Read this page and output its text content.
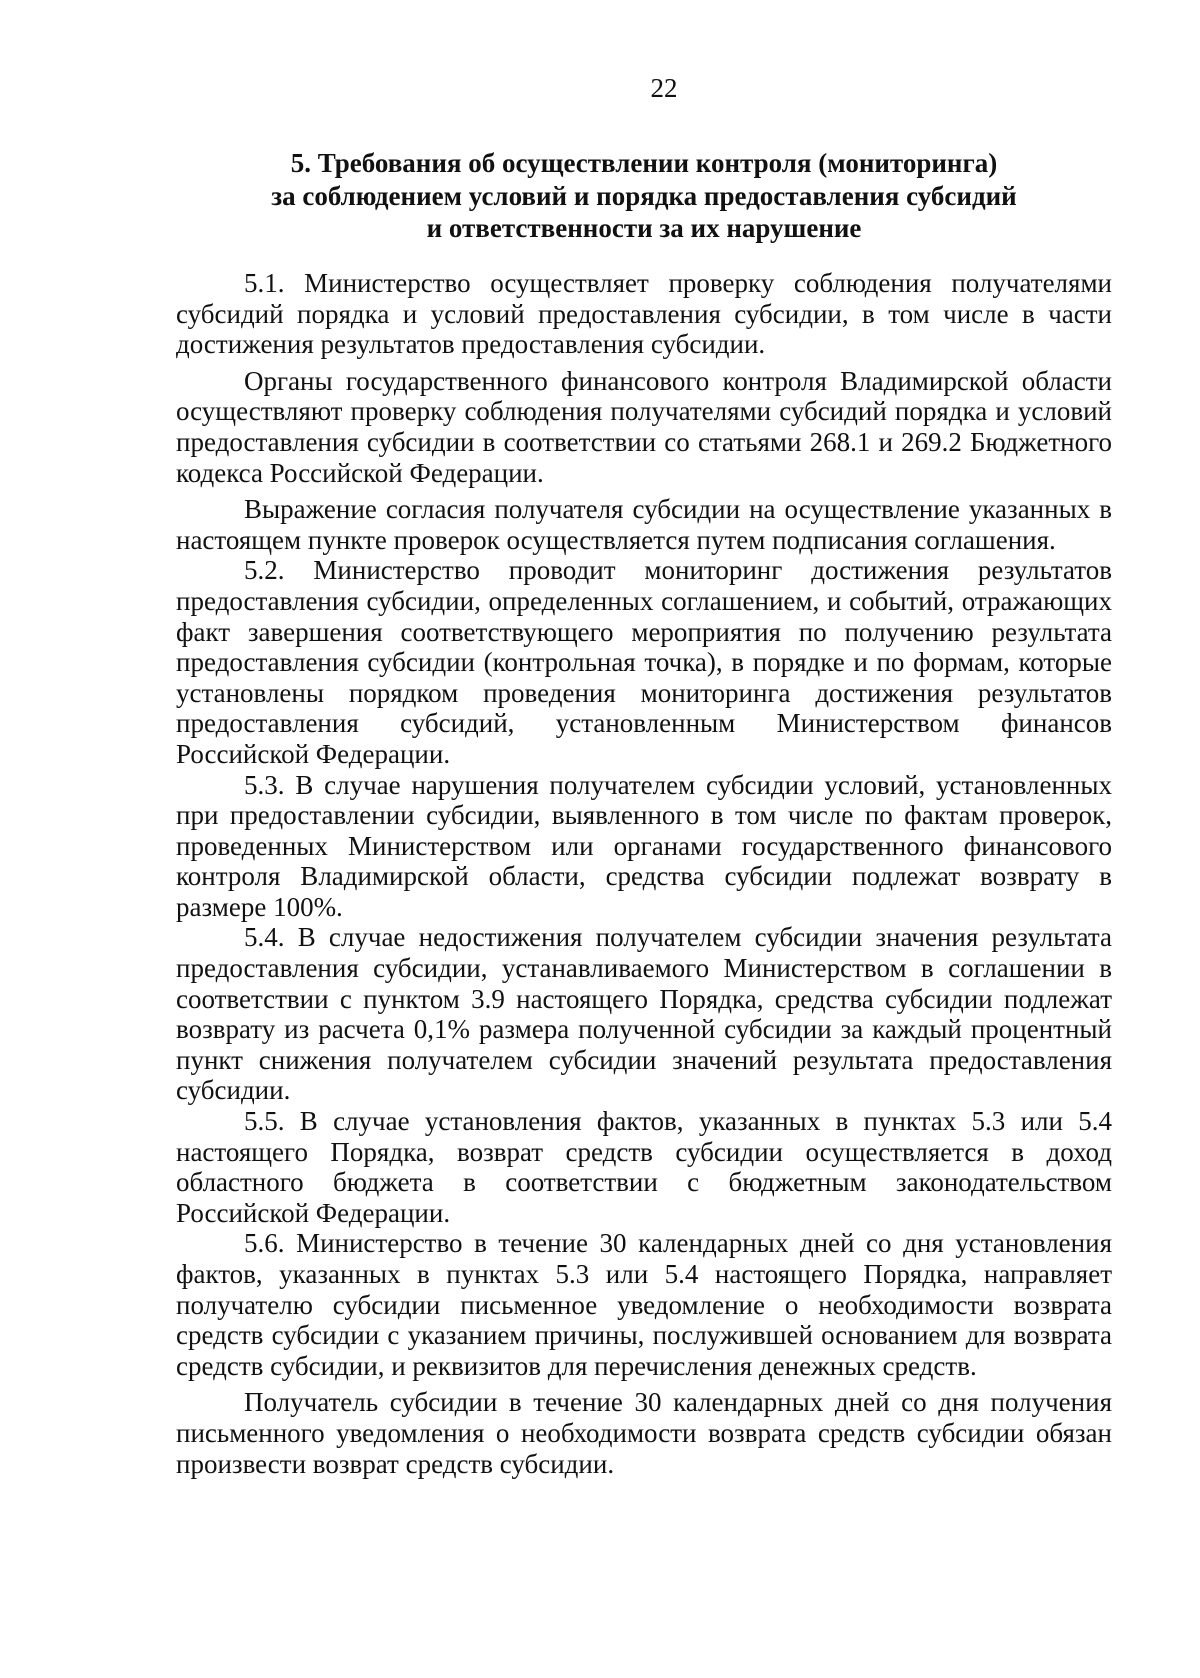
22
5. Требования об осуществлении контроля (мониторинга)
за соблюдением условий и порядка предоставления субсидий
и ответственности за их нарушение

5.1. Министерство осуществляет проверку соблюдения получателями субсидий порядка и условий предоставления субсидии, в том числе в части достижения результатов предоставления субсидии.

Органы государственного финансового контроля Владимирской области осуществляют проверку соблюдения получателями субсидий порядка и условий предоставления субсидии в соответствии со статьями 268.1 и 269.2 Бюджетного кодекса Российской Федерации.

Выражение согласия получателя субсидии на осуществление указанных в настоящем пункте проверок осуществляется путем подписания соглашения.

5.2. Министерство проводит мониторинг достижения результатов предоставления субсидии, определенных соглашением, и событий, отражающих факт завершения соответствующего мероприятия по получению результата предоставления субсидии (контрольная точка), в порядке и по формам, которые установлены порядком проведения мониторинга достижения результатов предоставления субсидий, установленным Министерством финансов Российской Федерации.

5.3. В случае нарушения получателем субсидии условий, установленных при предоставлении субсидии, выявленного в том числе по фактам проверок, проведенных Министерством или органами государственного финансового контроля Владимирской области, средства субсидии подлежат возврату в размере 100%.

5.4. В случае недостижения получателем субсидии значения результата предоставления субсидии, устанавливаемого Министерством в соглашении в соответствии с пунктом 3.9 настоящего Порядка, средства субсидии подлежат возврату из расчета 0,1% размера полученной субсидии за каждый процентный пункт снижения получателем субсидии значений результата предоставления субсидии.

5.5. В случае установления фактов, указанных в пунктах 5.3 или 5.4 настоящего Порядка, возврат средств субсидии осуществляется в доход областного бюджета в соответствии с бюджетным законодательством Российской Федерации.

5.6. Министерство в течение 30 календарных дней со дня установления фактов, указанных в пунктах 5.3 или 5.4 настоящего Порядка, направляет получателю субсидии письменное уведомление о необходимости возврата средств субсидии с указанием причины, послужившей основанием для возврата средств субсидии, и реквизитов для перечисления денежных средств.

Получатель субсидии в течение 30 календарных дней со дня получения письменного уведомления о необходимости возврата средств субсидии обязан произвести возврат средств субсидии.
